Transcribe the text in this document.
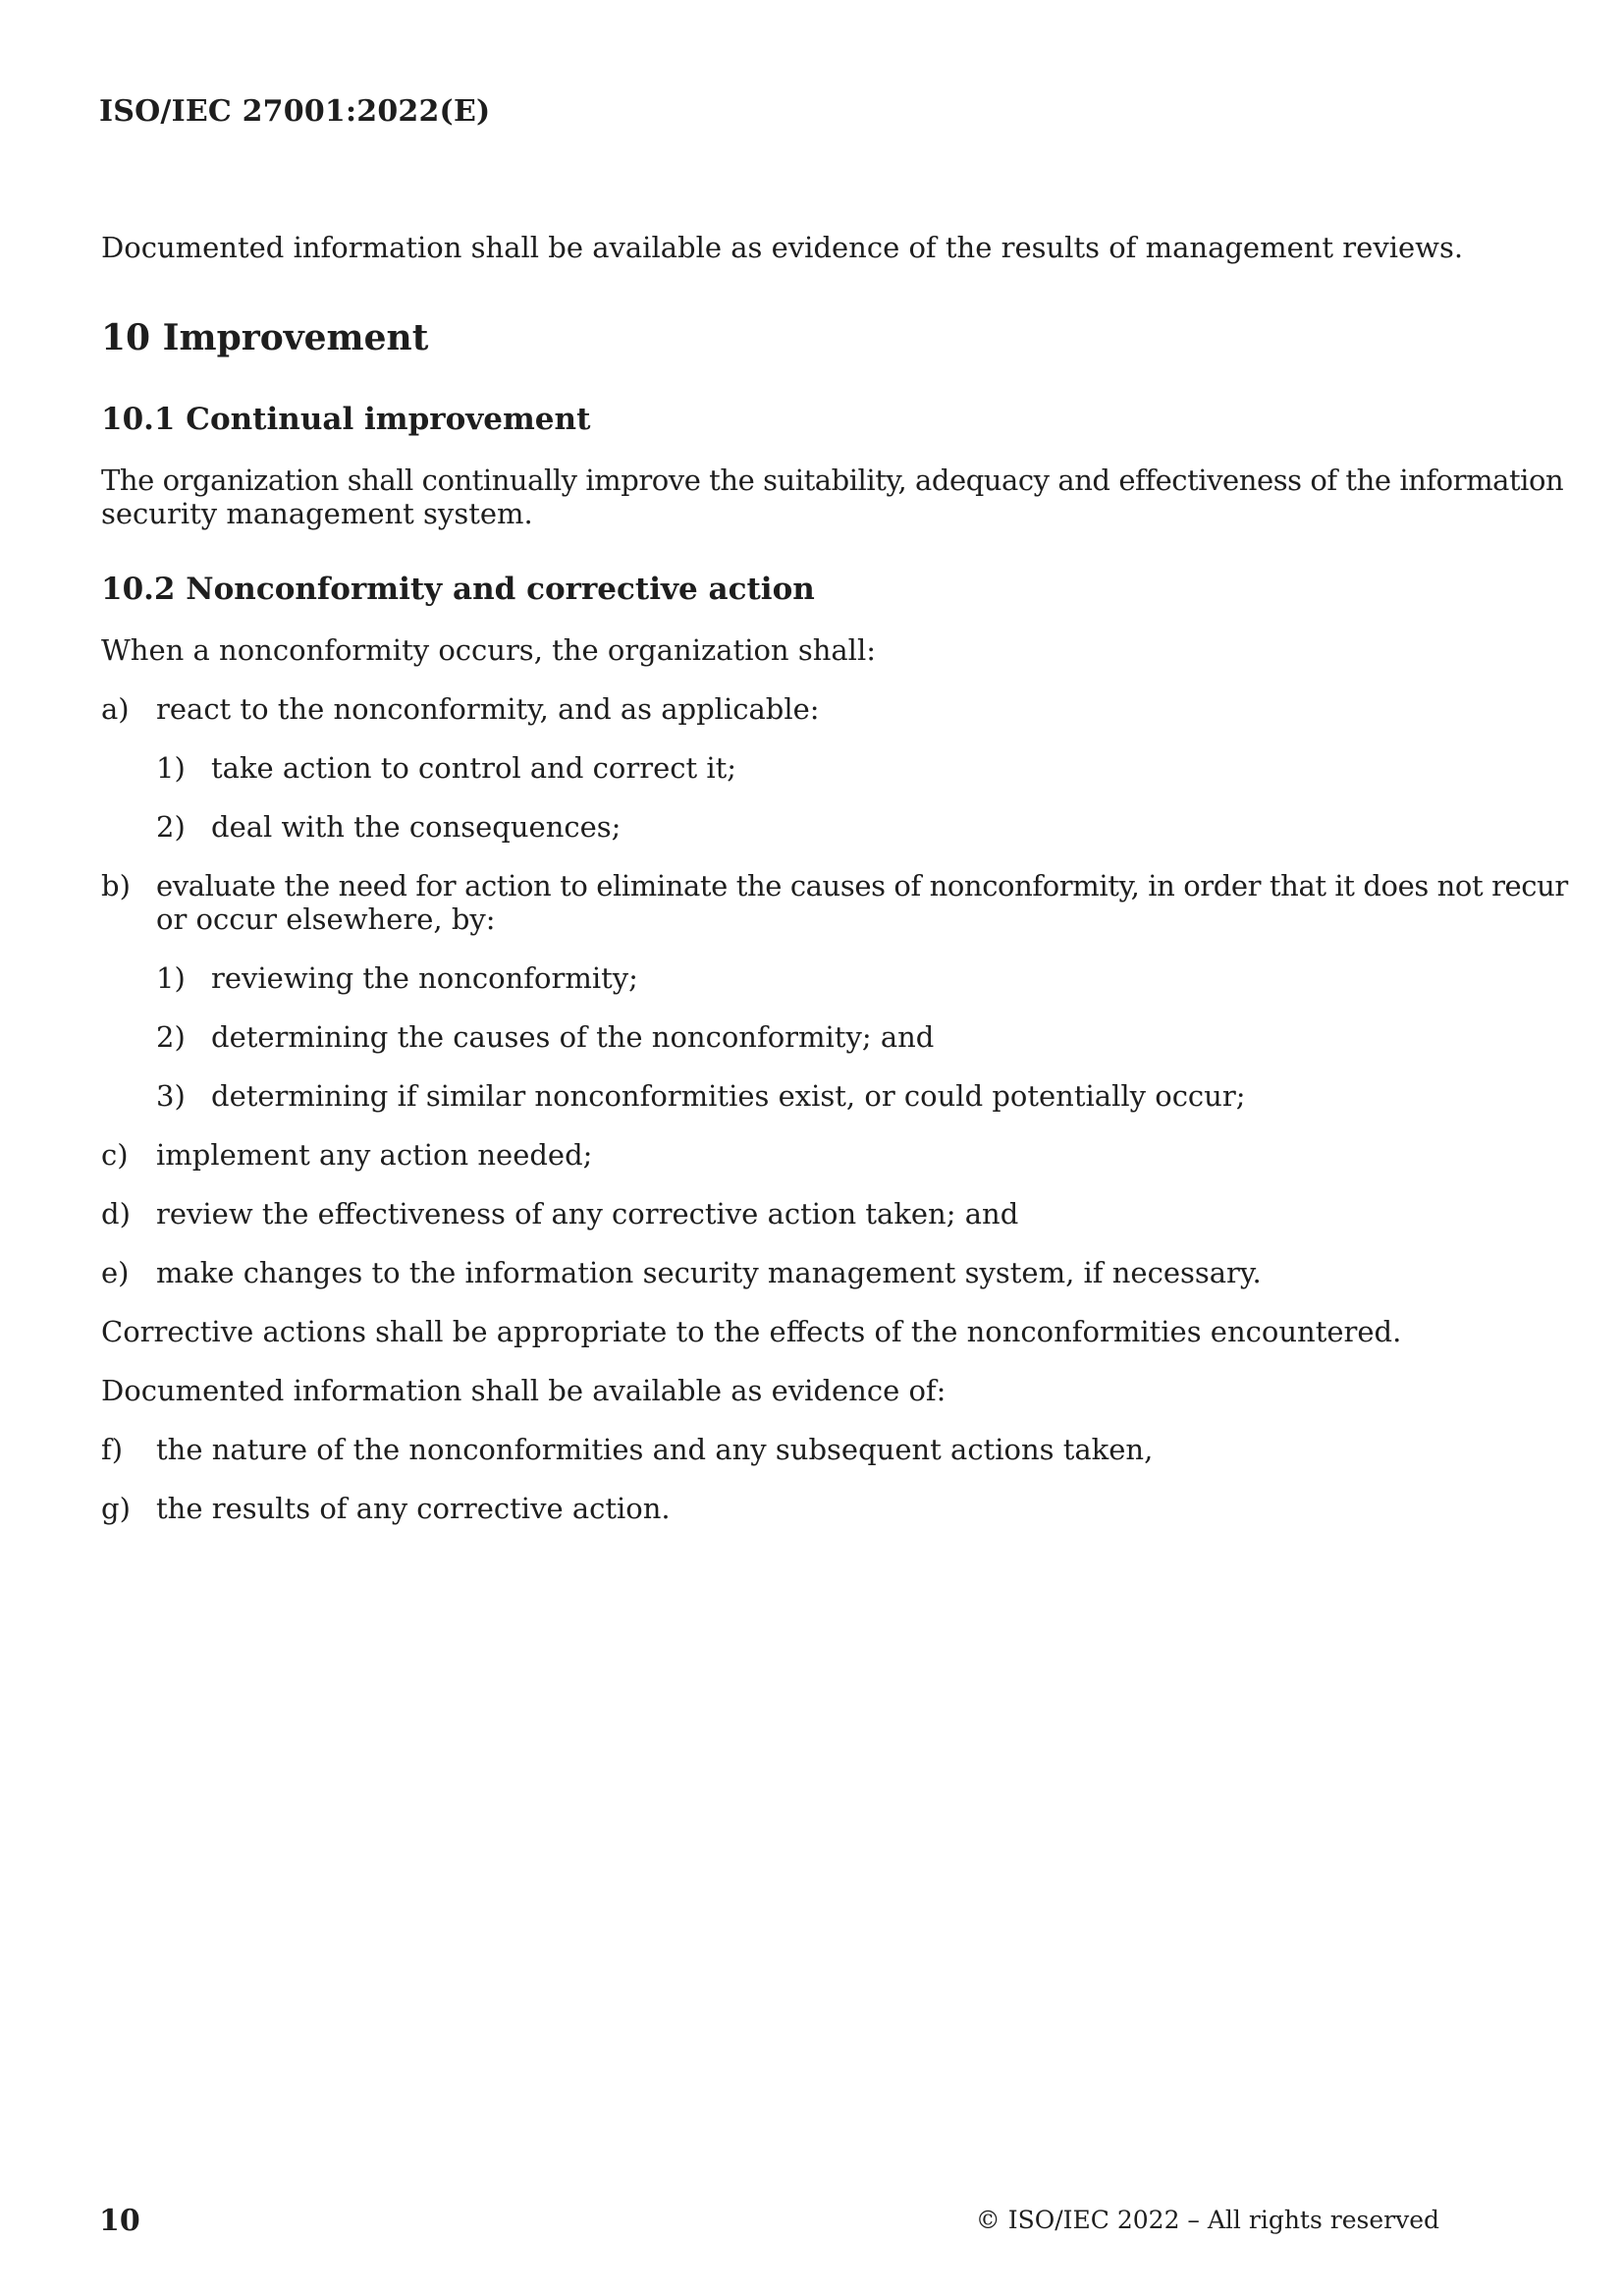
ISO/IEC 27001:2022(E)
Documented information shall be available as evidence of the results of management reviews.
10 Improvement
10.1 Continual improvement
The organization shall continually improve the suitability, adequacy and effectiveness of the information
security management system.
10.2 Nonconformity and corrective action
When a nonconformity occurs, the organization shall:
a) react to the nonconformity, and as applicable:
1) take action to control and correct it;
2) deal with the consequences;
b) evaluate the need for action to eliminate the causes of nonconformity, in order that it does not recur
or occur elsewhere, by:
1) reviewing the nonconformity;
2) determining the causes of the nonconformity; and
3) determining if similar nonconformities exist, or could potentially occur;
c) implement any action needed;
d) review the effectiveness of any corrective action taken; and
e) make changes to the information security management system, if necessary.
Corrective actions shall be appropriate to the effects of the nonconformities encountered.
Documented information shall be available as evidence of:
f) the nature of the nonconformities and any subsequent actions taken,
g) the results of any corrective action.
10	© ISO/IEC 2022 – All rights reserved
